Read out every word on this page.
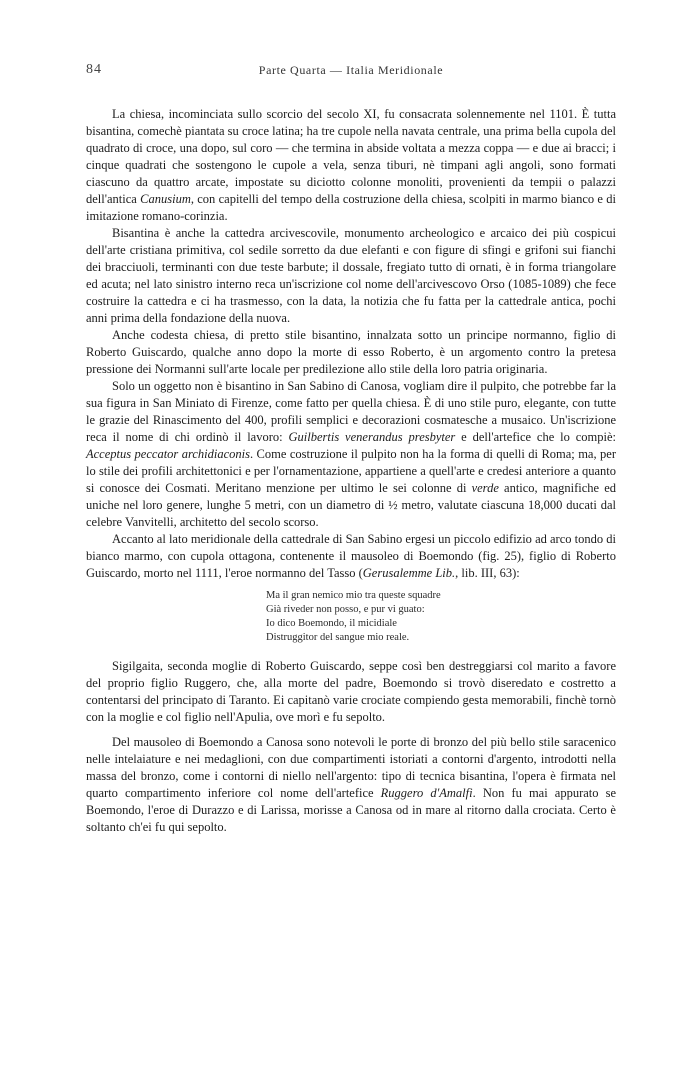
84	Parte Quarta — Italia Meridionale

La chiesa, incominciata sullo scorcio del secolo XI, fu consacrata solennemente nel 1101. È tutta bisantina, comechè piantata su croce latina; ha tre cupole nella navata centrale, una prima bella cupola del quadrato di croce, una dopo, sul coro — che termina in abside voltata a mezza coppa — e due ai bracci; i cinque quadrati che sostengono le cupole a vela, senza tiburi, nè timpani agli angoli, sono formati ciascuno da quattro arcate, impostate su diciotto colonne monoliti, provenienti da tempii o palazzi dell'antica Canusium, con capitelli del tempo della costruzione della chiesa, scolpiti in marmo bianco e di imitazione romano-corinzia.

Bisantina è anche la cattedra arcivescovile, monumento archeologico e arcaico dei più cospicui dell'arte cristiana primitiva, col sedile sorretto da due elefanti e con figure di sfingi e grifoni sui fianchi dei bracciuoli, terminanti con due teste barbute; il dossale, fregiato tutto di ornati, è in forma triangolare ed acuta; nel lato sinistro interno reca un'iscrizione col nome dell'arcivescovo Orso (1085-1089) che fece costruire la cattedra e ci ha trasmesso, con la data, la notizia che fu fatta per la cattedrale antica, pochi anni prima della fondazione della nuova.

Anche codesta chiesa, di pretto stile bisantino, innalzata sotto un principe normanno, figlio di Roberto Guiscardo, qualche anno dopo la morte di esso Roberto, è un argomento contro la pretesa pressione dei Normanni sull'arte locale per predilezione allo stile della loro patria originaria.

Solo un oggetto non è bisantino in San Sabino di Canosa, vogliam dire il pulpito, che potrebbe far la sua figura in San Miniato di Firenze, come fatto per quella chiesa. È di uno stile puro, elegante, con tutte le grazie del Rinascimento del 400, profili semplici e decorazioni cosmatesche a musaico. Un'iscrizione reca il nome di chi ordinò il lavoro: Guilbertis venerandus presbyter e dell'artefice che lo compiè: Acceptus peccator archidiaconis. Come costruzione il pulpito non ha la forma di quelli di Roma; ma, per lo stile dei profili architettonici e per l'ornamentazione, appartiene a quell'arte e credesi anteriore a quanto si conosce dei Cosmati. Meritano menzione per ultimo le sei colonne di verde antico, magnifiche ed uniche nel loro genere, lunghe 5 metri, con un diametro di ½ metro, valutate ciascuna 18,000 ducati dal celebre Vanvitelli, architetto del secolo scorso.

Accanto al lato meridionale della cattedrale di San Sabino ergesi un piccolo edifizio ad arco tondo di bianco marmo, con cupola ottagona, contenente il mausoleo di Boemondo (fig. 25), figlio di Roberto Guiscardo, morto nel 1111, l'eroe normanno del Tasso (Gerusalemme Lib., lib. III, 63):

Ma il gran nemico mio tra queste squadre
Già riveder non posso, e pur vi guato:
Io dico Boemondo, il micidiale
Distruggitor del sangue mio reale.

Sigilgaita, seconda moglie di Roberto Guiscardo, seppe così ben destreggiarsi col marito a favore del proprio figlio Ruggero, che, alla morte del padre, Boemondo si trovò diseredato e costretto a contentarsi del principato di Taranto. Ei capitanò varie crociate compiendo gesta memorabili, finchè tornò con la moglie e col figlio nell'Apulia, ove morì e fu sepolto.

Del mausoleo di Boemondo a Canosa sono notevoli le porte di bronzo del più bello stile saracenico nelle intelaiature e nei medaglioni, con due compartimenti istoriati a contorni d'argento, introdotti nella massa del bronzo, come i contorni di niello nell'argento: tipo di tecnica bisantina, l'opera è firmata nel quarto compartimento inferiore col nome dell'artefice Ruggero d'Amalfi. Non fu mai appurato se Boemondo, l'eroe di Durazzo e di Larissa, morisse a Canosa od in mare al ritorno dalla crociata. Certo è soltanto ch'ei fu qui sepolto.
